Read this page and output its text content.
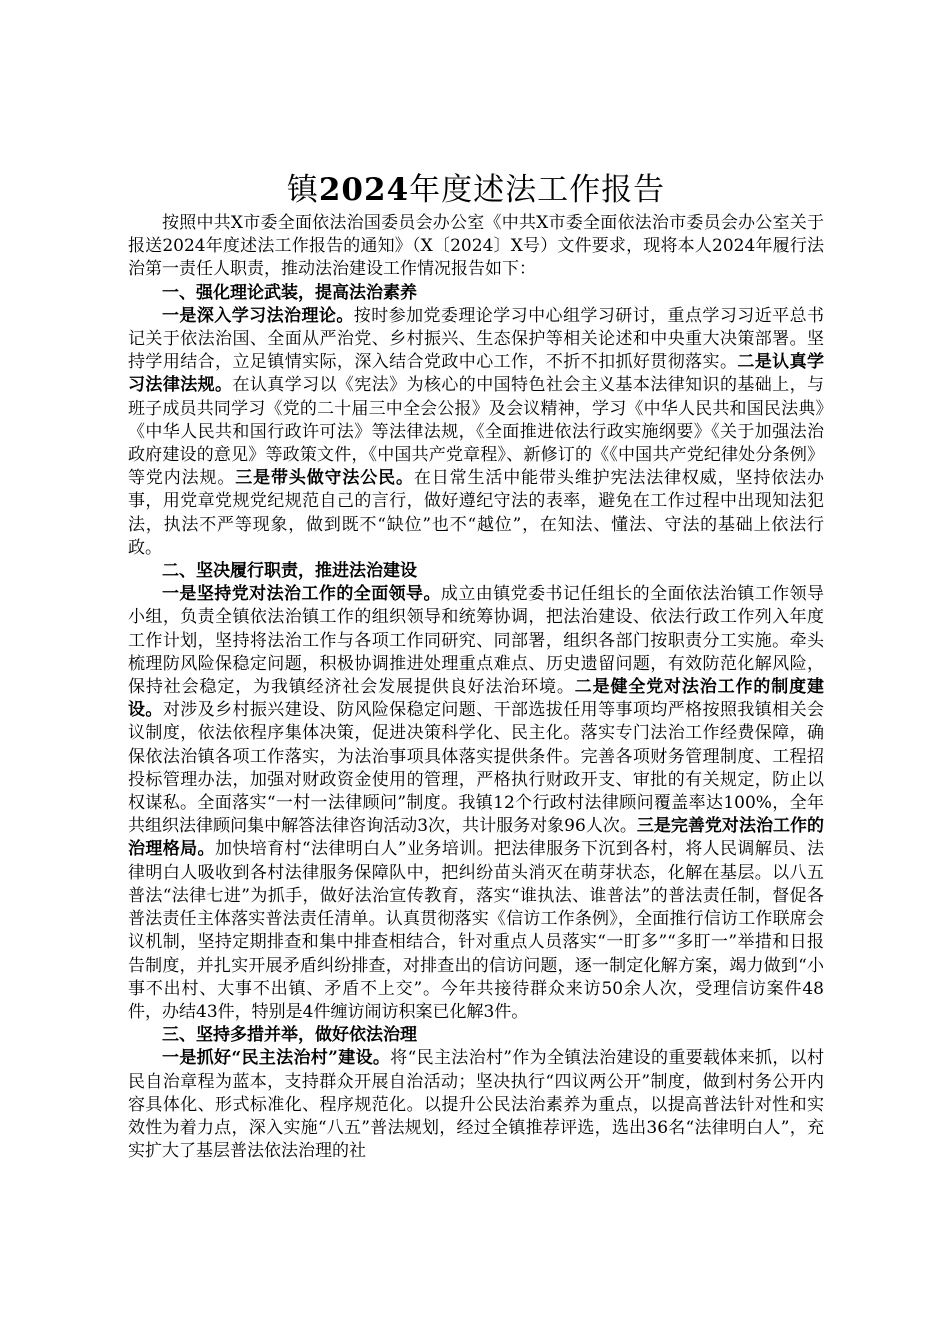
镇2024年度述法工作报告

按照中共X市委全面依法治国委员会办公室《中共X市委全面依法治市委员会办公室关于报送2024年度述法工作报告的通知》（X〔2024〕X号）文件要求，现将本人2024年履行法治第一责任人职责，推动法治建设工作情况报告如下：

一、强化理论武装，提高法治素养

一是深入学习法治理论。按时参加党委理论学习中心组学习研讨，重点学习习近平总书记关于依法治国、全面从严治党、乡村振兴、生态保护等相关论述和中央重大决策部署。坚持学用结合，立足镇情实际，深入结合党政中心工作，不折不扣抓好贯彻落实。二是认真学习法律法规。在认真学习以《宪法》为核心的中国特色社会主义基本法律知识的基础上，与班子成员共同学习《党的二十届三中全会公报》及会议精神，学习《中华人民共和国民法典》《中华人民共和国行政许可法》等法律法规，《全面推进依法行政实施纲要》《关于加强法治政府建设的意见》等政策文件，《中国共产党章程》、新修订的《《中国共产党纪律处分条例》等党内法规。三是带头做守法公民。在日常生活中能带头维护宪法法律权威，坚持依法办事，用党章党规党纪规范自己的言行，做好遵纪守法的表率，避免在工作过程中出现知法犯法，执法不严等现象，做到既不“缺位”也不“越位”，在知法、懂法、守法的基础上依法行政。

二、坚决履行职责，推进法治建设

一是坚持党对法治工作的全面领导。成立由镇党委书记任组长的全面依法治镇工作领导小组，负责全镇依法治镇工作的组织领导和统筹协调，把法治建设、依法行政工作列入年度工作计划，坚持将法治工作与各项工作同研究、同部署，组织各部门按职责分工实施。牵头梳理防风险保稳定问题，积极协调推进处理重点难点、历史遗留问题，有效防范化解风险，保持社会稳定，为我镇经济社会发展提供良好法治环境。二是健全党对法治工作的制度建设。对涉及乡村振兴建设、防风险保稳定问题、干部选拔任用等事项均严格按照我镇相关会议制度，依法依程序集体决策，促进决策科学化、民主化。落实专门法治工作经费保障，确保依法治镇各项工作落实，为法治事项具体落实提供条件。完善各项财务管理制度、工程招投标管理办法，加强对财政资金使用的管理，严格执行财政开支、审批的有关规定，防止以权谋私。全面落实“一村一法律顾问”制度。我镇12个行政村法律顾问覆盖率达100%，全年共组织法律顾问集中解答法律咨询活动3次，共计服务对象96人次。三是完善党对法治工作的治理格局。加快培育村“法律明白人”业务培训。把法律服务下沉到各村，将人民调解员、法律明白人吸收到各村法律服务保障队中，把纠纷苗头消灭在萌芽状态，化解在基层。以八五普法“法律七进”为抓手，做好法治宣传教育，落实“谁执法、谁普法”的普法责任制，督促各普法责任主体落实普法责任清单。认真贯彻落实《信访工作条例》，全面推行信访工作联席会议机制，坚持定期排查和集中排查相结合，针对重点人员落实“一盯多”“多盯一”举措和日报告制度，并扎实开展矛盾纠纷排查，对排查出的信访问题，逐一制定化解方案，竭力做到“小事不出村、大事不出镇、矛盾不上交”。今年共接待群众来访50余人次，受理信访案件48件，办结43件，特别是4件缠访闹访积案已化解3件。

三、坚持多措并举，做好依法治理

一是抓好“民主法治村”建设。将“民主法治村”作为全镇法治建设的重要载体来抓，以村民自治章程为蓝本，支持群众开展自治活动；坚决执行“四议两公开”制度，做到村务公开内容具体化、形式标准化、程序规范化。以提升公民法治素养为重点，以提高普法针对性和实效性为着力点，深入实施“八五”普法规划，经过全镇推荐评选，选出36名“法律明白人”，充实扩大了基层普法依法治理的社
